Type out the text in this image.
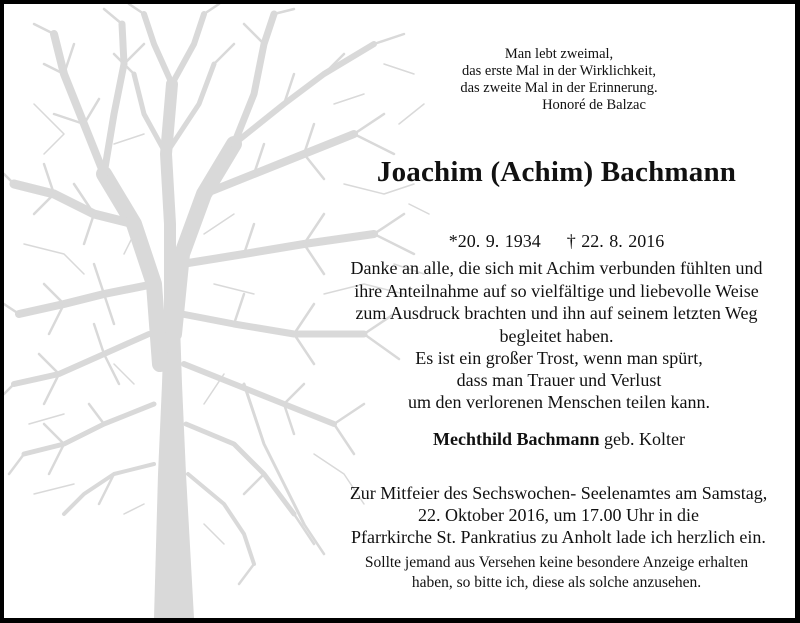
Man lebt zweimal,
das erste Mal in der Wirklichkeit,
das zweite Mal in der Erinnerung.
Honoré de Balzac
Joachim (Achim) Bachmann
*20. 9. 1934 † 22. 8. 2016
Danke an alle, die sich mit Achim verbunden fühlten und
ihre Anteilnahme auf so vielfältige und liebevolle Weise
zum Ausdruck brachten und ihn auf seinem letzten Weg
begleitet haben.
Es ist ein großer Trost, wenn man spürt,
dass man Trauer und Verlust
um den verlorenen Menschen teilen kann.
Mechthild Bachmann geb. Kolter
Zur Mitfeier des Sechswochen- Seelenamtes am Samstag,
22. Oktober 2016, um 17.00 Uhr in die
Pfarrkirche St. Pankratius zu Anholt lade ich herzlich ein.
Sollte jemand aus Versehen keine besondere Anzeige erhalten
haben, so bitte ich, diese als solche anzusehen.
